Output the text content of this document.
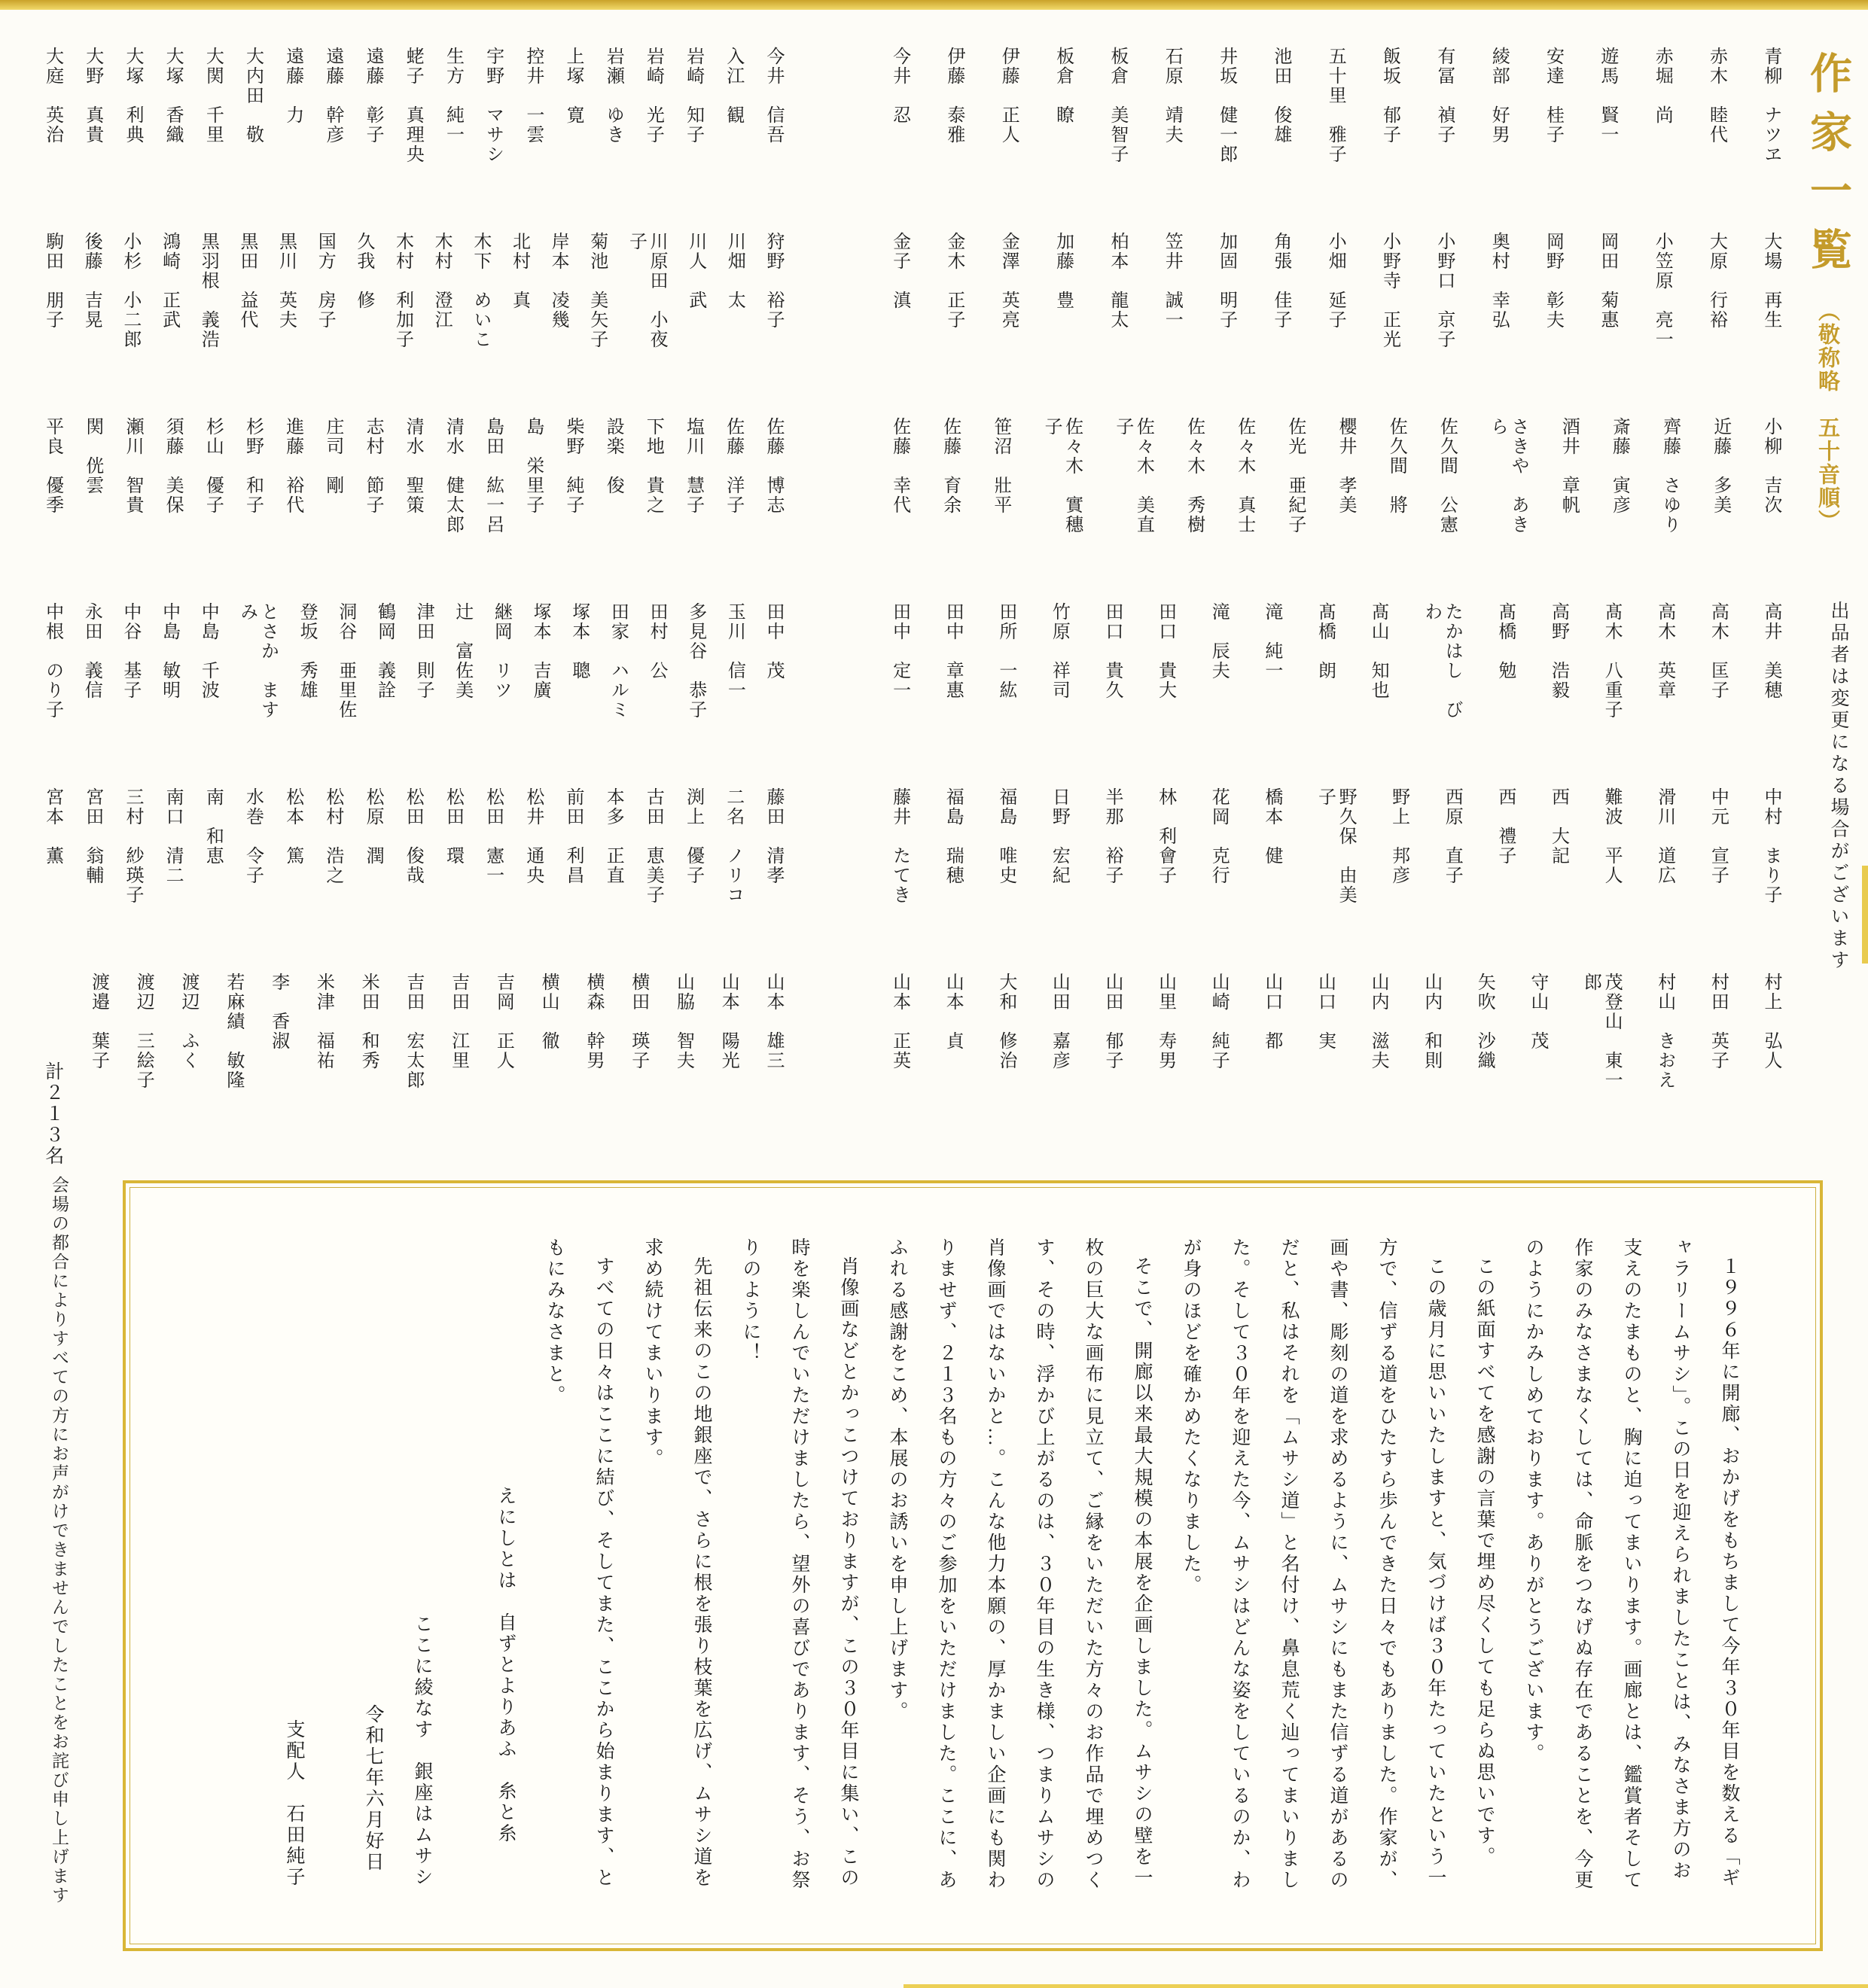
作家一覧 （敬称略　五十音順）
出品者は変更になる場合がございます
青柳　ナツヱ
赤木　睦代
赤堀　尚
遊馬　賢一
安達　桂子
綾部　好男
有冨　禎子
飯坂　郁子
五十里　雅子
池田　俊雄
井坂　健一郎
石原　靖夫
板倉　美智子
板倉　瞭
伊藤　正人
伊藤　泰雅
今井　忍
今井　信吾
入江　観
岩崎　知子
岩崎　光子
岩瀬　ゆき
上塚　寛
控井　一雲
宇野　マサシ
生方　純一
蛯子　真理央
遠藤　彰子
遠藤　幹彦
遠藤　力
大内田　敬
大関　千里
大塚　香織
大塚　利典
大野　真貴
大庭　英治
大場　再生
大原　行裕
小笠原　亮一
岡田　菊惠
岡野　彰夫
奥村　幸弘
小野口　京子
小野寺　正光
小畑　延子
角張　佳子
加固　明子
笠井　誠一
柏本　龍太
加藤　豊
金澤　英亮
金木　正子
金子　滇
狩野　裕子
川畑　太
川人　武
川原田　小夜子
菊池　美矢子
岸本　凌幾
北村　真
木下　めいこ
木村　澄江
木村　利加子
久我　修
国方　房子
黒川　英夫
黒田　益代
黒羽根　義浩
鴻崎　正武
小杉　小二郎
後藤　吉晃
駒田　朋子
小柳　吉次
近藤　多美
齊藤　さゆり
斎藤　寅彦
酒井　章帆
さきや　あきら
佐久間　公憲
佐久間　將
櫻井　孝美
佐光　亜紀子
佐々木　真士
佐々木　秀樹
佐々木　美直子
佐々木　實穗子
笹沼　壯平
佐藤　育余
佐藤　幸代
佐藤　博志
佐藤　洋子
塩川　慧子
下地　貴之
設楽　俊
柴野　純子
島　栄里子
島田　紘一呂
清水　健太郎
清水　聖策
志村　節子
庄司　剛
進藤　裕代
杉野　和子
杉山　優子
須藤　美保
瀬川　智貴
関　侊雲
平良　優季
高井　美穂
高木　匡子
高木　英章
髙木　八重子
高野　浩毅
髙橋　勉
たかはし　びわ
髙山　知也
髙橋　朗
滝　純一
滝　辰夫
田口　貴大
田口　貴久
竹原　祥司
田所　一紘
田中　章惠
田中　定一
田中　茂
玉川　信一
多見谷　恭子
田村　公
田家　ハルミ
塚本　聰
塚本　吉廣
継岡　リツ
辻　富佐美
津田　則子
鶴岡　義詮
洞谷　亜里佐
登坂　秀雄
とさか　ますみ
中島　千波
中島　敏明
中谷　基子
永田　義信
中根　のり子
中村　まり子
中元　宣子
滑川　道広
難波　平人
西　大記
西　禮子
西原　直子
野上　邦彦
野久保　由美子
橋本　健
花岡　克行
林　利會子
半那　裕子
日野　宏紀
福島　唯史
福島　瑞穂
藤井　たてき
藤田　清孝
二名　ノリコ
渕上　優子
古田　恵美子
本多　正直
前田　利昌
松井　通央
松田　憲一
松田　環
松田　俊哉
松原　潤
松村　浩之
松本　篤
水巻　令子
南　和恵
南口　清二
三村　紗瑛子
宮田　翁輔
宮本　薫
村上　弘人
村田　英子
村山　きおえ
茂登山　東一郎
守山　茂
矢吹　沙織
山内　和則
山内　滋夫
山口　実
山口　都
山崎　純子
山里　寿男
山田　郁子
山田　嘉彦
大和　修治
山本　貞
山本　正英
山本　雄三
山本　陽光
山脇　智夫
横田　瑛子
横森　幹男
横山　徹
吉岡　正人
吉田　江里
吉田　宏太郎
米田　和秀
米津　福祐
李　香淑
若麻績　敏隆
渡辺　ふく
渡辺　三絵子
渡邉　葉子
計２１３名
１９９６年に開廊、おかげをもちまして今年３０年目を数える「ギャラリームサシ」。この日を迎えられましたことは、みなさま方のお支えのたまものと、胸に迫ってまいります。画廊とは、鑑賞者そして作家のみなさまなくしては、命脈をつなげぬ存在であることを、今更のようにかみしめております。ありがとうございます。
この紙面すべてを感謝の言葉で埋め尽くしても足らぬ思いです。
この歳月に思いいたしますと、気づけば３０年たっていたという一方で、信ずる道をひたすら歩んできた日々でもありました。作家が、画や書、彫刻の道を求めるように、ムサシにもまた信ずる道があるのだと、私はそれを「ムサシ道」と名付け、鼻息荒く辿ってまいりました。そして３０年を迎えた今、ムサシはどんな姿をしているのか、わが身のほどを確かめたくなりました。
そこで、開廊以来最大規模の本展を企画しました。ムサシの壁を一枚の巨大な画布に見立て、ご縁をいただいた方々のお作品で埋めつくす、その時、浮かび上がるのは、３０年目の生き様、つまりムサシの肖像画ではないかと…。こんな他力本願の、厚かましい企画にも関わりませず、２１３名もの方々のご参加をいただけました。ここに、あふれる感謝をこめ、本展のお誘いを申し上げます。
肖像画などとかっこつけておりますが、この３０年目に集い、この時を楽しんでいただけましたら、望外の喜びであります、そう、お祭りのように！
先祖伝来のこの地銀座で、さらに根を張り枝葉を広げ、ムサシ道を求め続けてまいります。
すべての日々はここに結び、そしてまた、ここから始まります、ともにみなさまと。
えにしとは　自ずとよりあふ　糸と糸
ここに綾なす　銀座はムサシ
令和七年六月好日
支配人　石田純子
会場の都合によりすべての方にお声がけできませんでしたことをお詫び申し上げます
